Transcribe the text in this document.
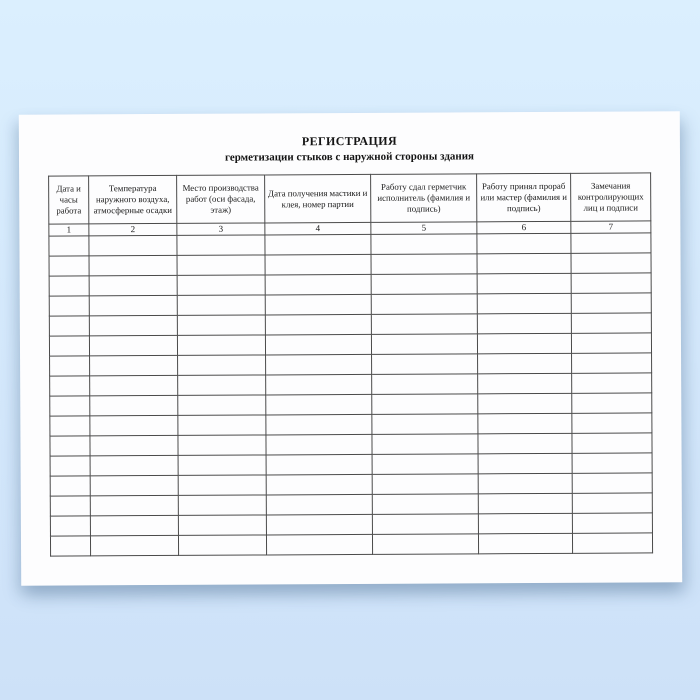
РЕГИСТРАЦИЯ
герметизации стыков с наружной стороны здания
Дата и часы работа	Температура наружного воздуха, атмосферные осадки	Место производства работ (оси фасада, этаж)	Дата получения мастики и клея, номер партии	Работу сдал герметчик исполнитель (фамилия и подпись)	Работу принял прораб или мастер (фамилия и подпись)	Замечания контролирующих лиц и подписи
1	2	3	4	5	6	7
